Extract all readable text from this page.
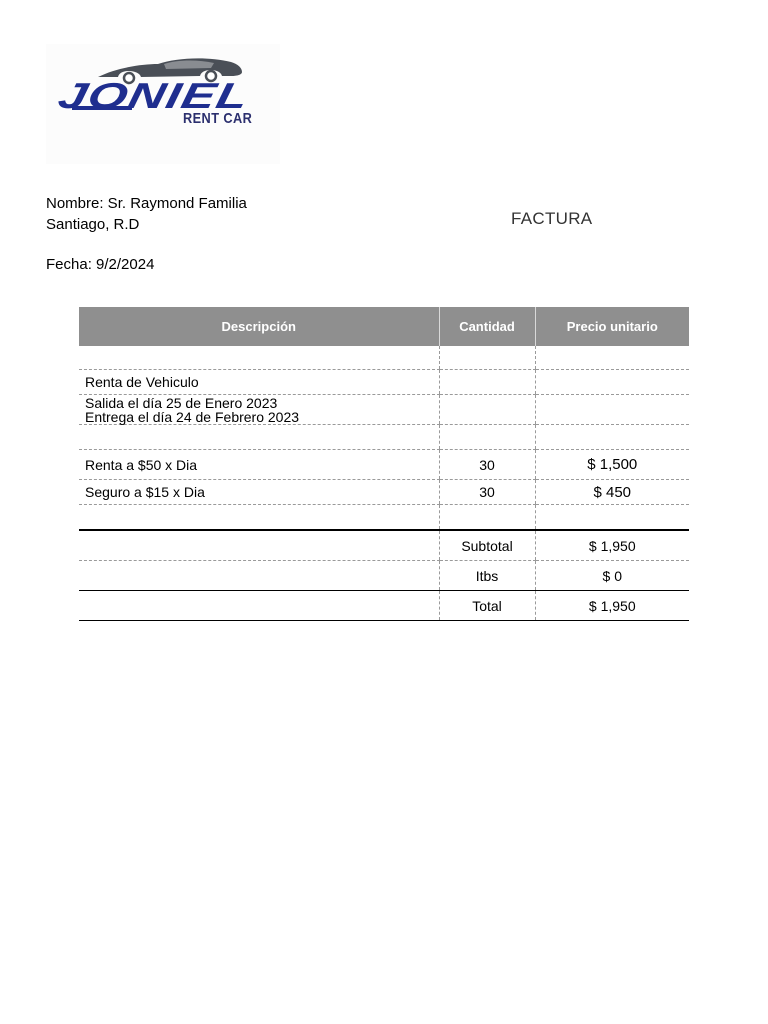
JONIEL
RENT CAR
Nombre: Sr. Raymond Familia
Santiago, R.D
Fecha: 9/2/2024
FACTURA
Descripción	Cantidad	Precio unitario

Renta de Vehiculo		

Salida el día 25 de Enero 2023
Entrega el día 24 de Febrero 2023		

Renta a $50 x Dia	30	$ 1,500
Seguro a $15 x Dia	30	$ 450

	Subtotal	$ 1,950
	Itbs	$ 0
	Total	$ 1,950
